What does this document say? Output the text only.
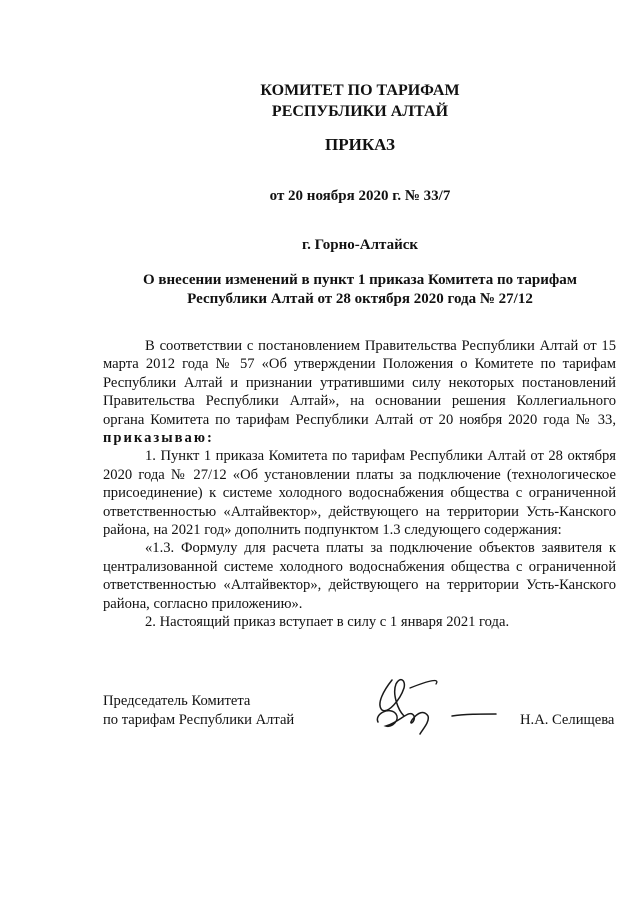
КОМИТЕТ ПО ТАРИФАМ
РЕСПУБЛИКИ АЛТАЙ
ПРИКАЗ
от 20 ноября 2020 г. № 33/7
г. Горно-Алтайск
О внесении изменений в пункт 1 приказа Комитета по тарифам
Республики Алтай от 28 октября 2020 года № 27/12

В соответствии с постановлением Правительства Республики Алтай от 15 марта 2012 года № 57 «Об утверждении Положения о Комитете по тарифам Республики Алтай и признании утратившими силу некоторых постановлений Правительства Республики Алтай», на основании решения Коллегиального органа Комитета по тарифам Республики Алтай от 20 ноября 2020 года № 33, приказываю:

1. Пункт 1 приказа Комитета по тарифам Республики Алтай от 28 октября 2020 года № 27/12 «Об установлении платы за подключение (технологическое присоединение) к системе холодного водоснабжения общества с ограниченной ответственностью «Алтайвектор», действующего на территории Усть-Канского района, на 2021 год» дополнить подпунктом 1.3 следующего содержания:

«1.3. Формулу для расчета платы за подключение объектов заявителя к централизованной системе холодного водоснабжения общества с ограниченной ответственностью «Алтайвектор», действующего на территории Усть-Канского района, согласно приложению».

2. Настоящий приказ вступает в силу с 1 января 2021 года.

Председатель Комитета
по тарифам Республики Алтай	Н.А. Селищева
